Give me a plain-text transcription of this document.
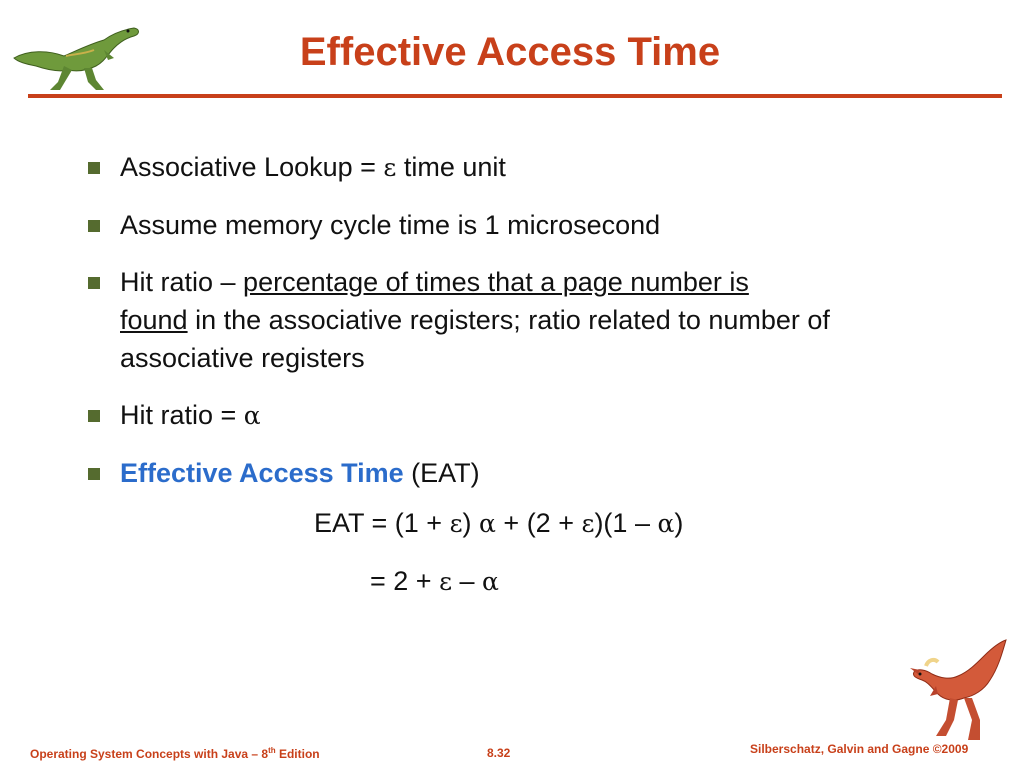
Effective Access Time
Associative Lookup = ε time unit
Assume memory cycle time is 1 microsecond
Hit ratio – percentage of times that a page number is
found in the associative registers; ratio related to number of associative registers
Hit ratio = α
Effective Access Time (EAT)
EAT = (1 + ε) α + (2 + ε)(1 – α)
= 2 + ε – α
Operating System Concepts with Java – 8th Edition	8.32	Silberschatz, Galvin and Gagne ©2009
